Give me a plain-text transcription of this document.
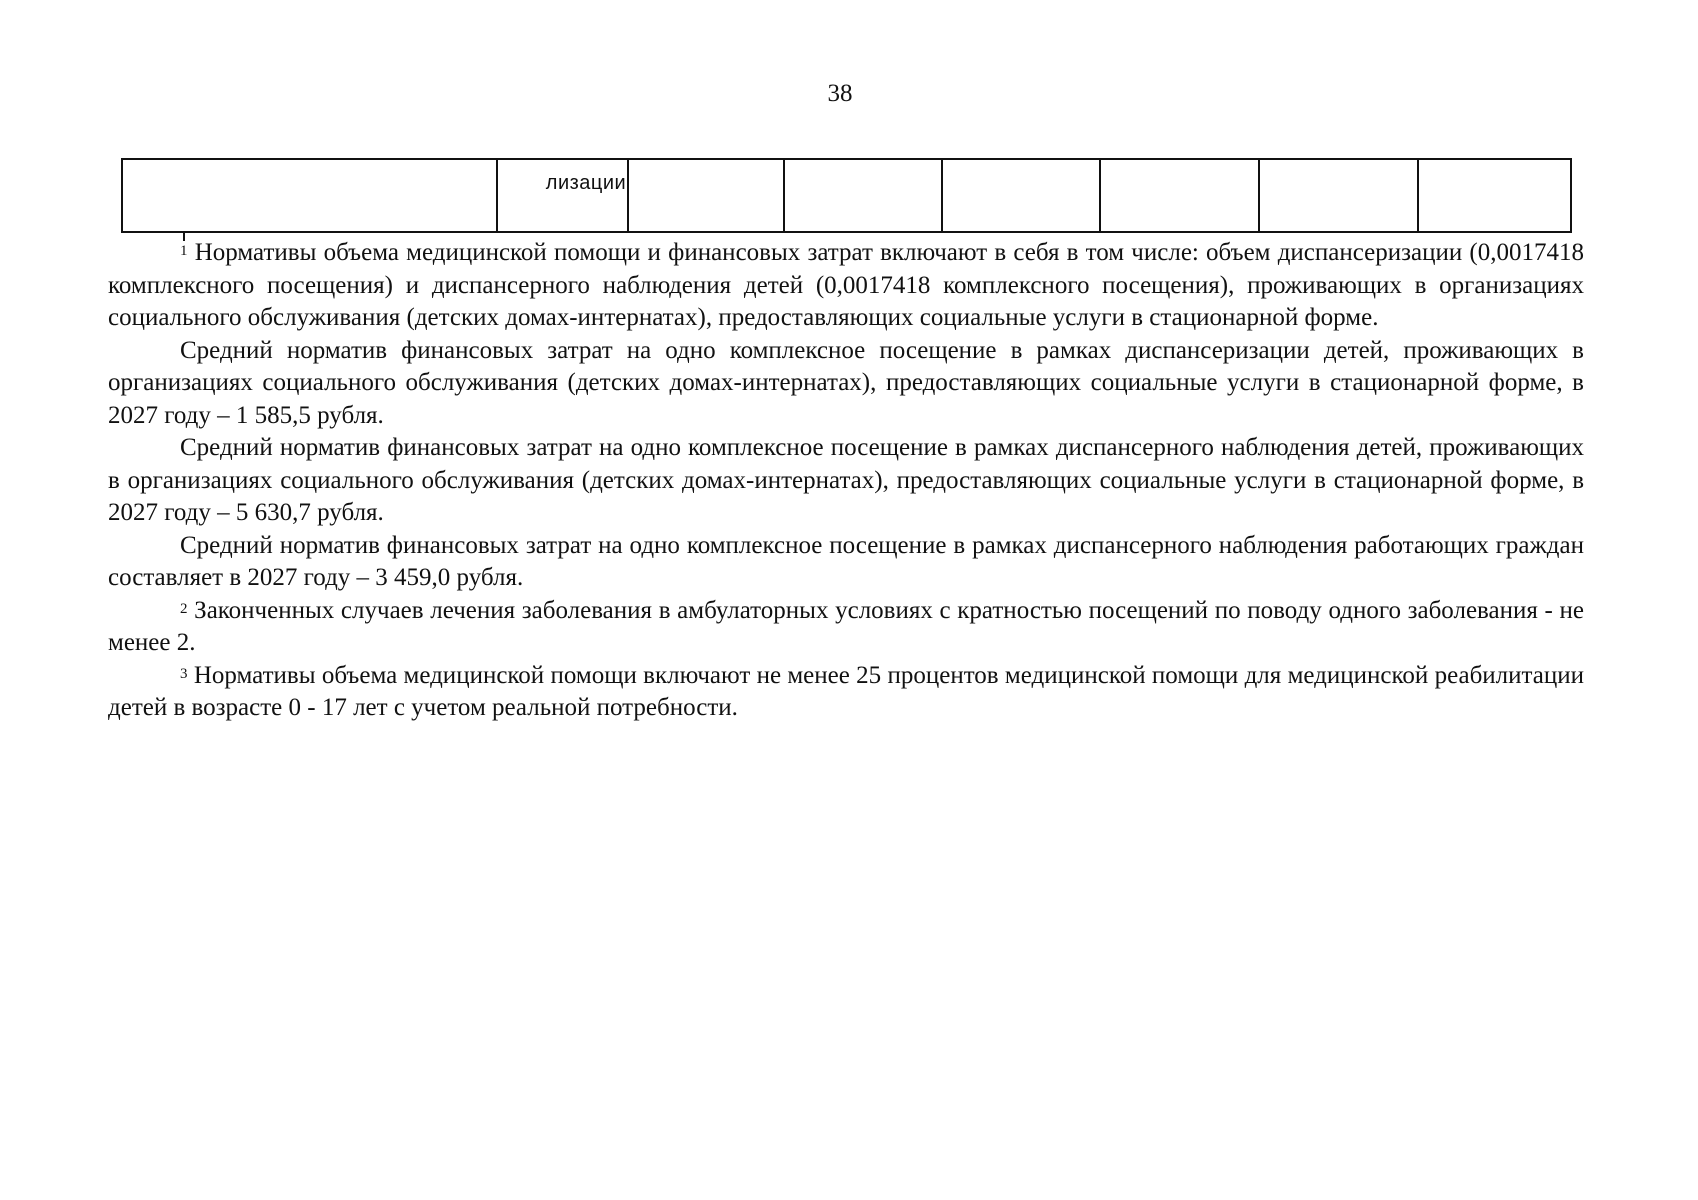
38
лизации

$^1$ Нормативы объема медицинской помощи и финансовых затрат включают в себя в том числе: объем диспансеризации (0,0017418 комплексного посещения) и диспансерного наблюдения детей (0,0017418 комплексного посещения), проживающих в организациях социального обслуживания (детских домах-интернатах), предоставляющих социальные услуги в стационарной форме.

Средний норматив финансовых затрат на одно комплексное посещение в рамках диспансеризации детей, проживающих в организациях социального обслуживания (детских домах-интернатах), предоставляющих социальные услуги в стационарной форме, в 2027 году – 1 585,5 рубля.

Средний норматив финансовых затрат на одно комплексное посещение в рамках диспансерного наблюдения детей, проживающих в организациях социального обслуживания (детских домах-интернатах), предоставляющих социальные услуги в стационарной форме, в 2027 году – 5 630,7 рубля.

Средний норматив финансовых затрат на одно комплексное посещение в рамках диспансерного наблюдения работающих граждан составляет в 2027 году – 3 459,0 рубля.

$^2$ Законченных случаев лечения заболевания в амбулаторных условиях с кратностью посещений по поводу одного заболевания - не менее 2.

$^3$ Нормативы объема медицинской помощи включают не менее 25 процентов медицинской помощи для медицинской реабилитации детей в возрасте 0 - 17 лет с учетом реальной потребности.
